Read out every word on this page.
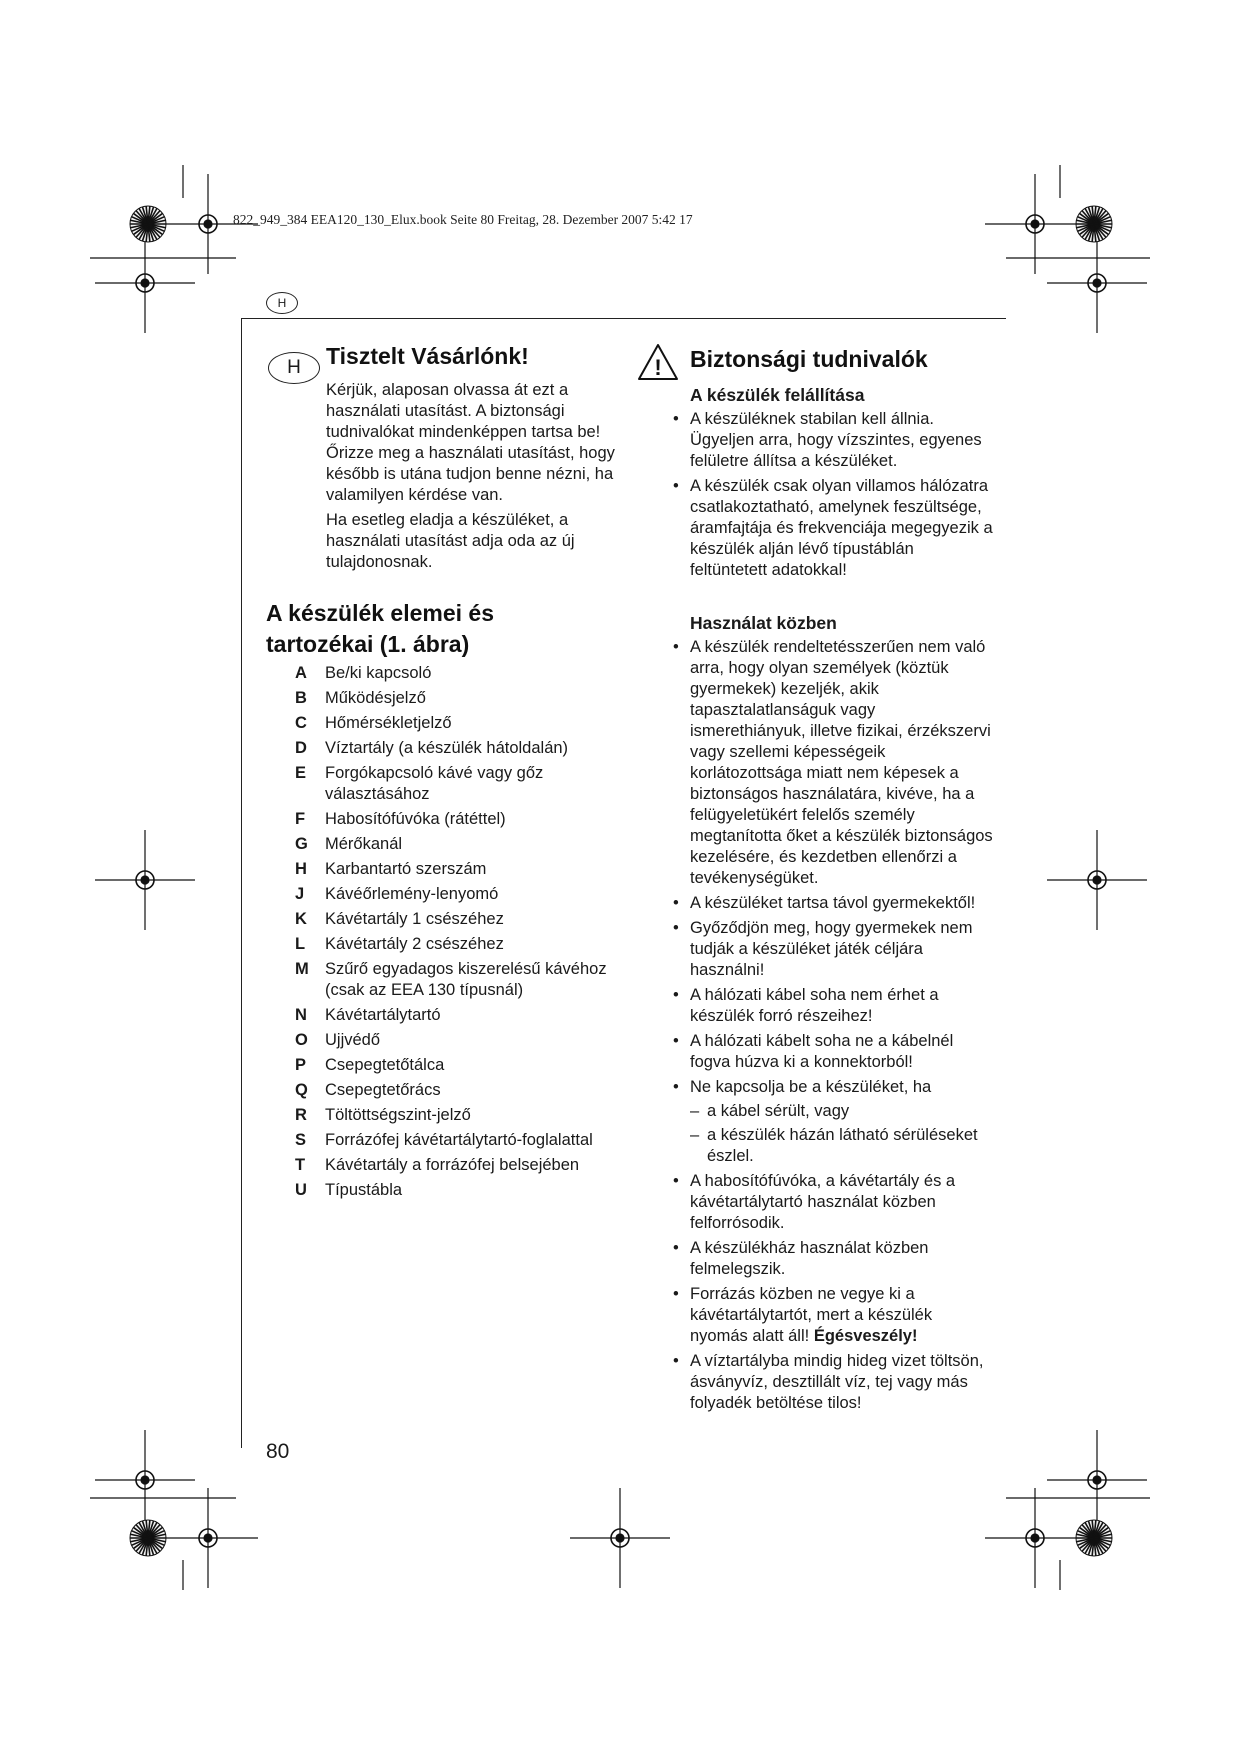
822_949_384 EEA120_130_Elux.book Seite 80 Freitag, 28. Dezember 2007 5:42 17
H
H	Tisztelt Vásárlónk!

Kérjük, alaposan olvassa át ezt a használati utasítást. A biztonsági tudnivalókat mindenképpen tartsa be! Őrizze meg a használati utasítást, hogy később is utána tudjon benne nézni, ha valamilyen kérdése van.

Ha esetleg eladja a készüléket, a használati utasítást adja oda az új tulajdonosnak.

A készülék elemei és tartozékai (1. ábra)
A	Be/ki kapcsoló
B	Működésjelző
C	Hőmérsékletjelző
D	Víztartály (a készülék hátoldalán)
E	Forgókapcsoló kávé vagy gőz választásához
F	Habosítófúvóka (rátéttel)
G	Mérőkanál
H	Karbantartó szerszám
J	Kávéőrlemény-lenyomó
K	Kávétartály 1 csészéhez
L	Kávétartály 2 csészéhez
M Szűrő egyadagos kiszerelésű kávéhoz (csak az EEA 130 típusnál)
N	Kávétartálytartó
O	Ujjvédő
P	Csepegtetőtálca
Q	Csepegtetőrács
R	Töltöttségszint-jelző
S	Forrázófej kávétartálytartó-foglalattal
T	Kávétartály a forrázófej belsejében
U	Típustábla
! Biztonsági tudnivalók
A készülék felállítása
• A készüléknek stabilan kell állnia. Ügyeljen arra, hogy vízszintes, egyenes felületre állítsa a készüléket.
• A készülék csak olyan villamos hálózatra csatlakoztatható, amelynek feszültsége, áramfajtája és frekvenciája megegyezik a készülék alján lévő típustáblán feltüntetett adatokkal!
Használat közben
• A készülék rendeltetésszerűen nem való arra, hogy olyan személyek (köztük gyermekek) kezeljék, akik tapasztalatlanságuk vagy ismerethiányuk, illetve fizikai, érzékszervi vagy szellemi képességeik korlátozottsága miatt nem képesek a biztonságos használatára, kivéve, ha a felügyeletükért felelős személy megtanította őket a készülék biztonságos kezelésére, és kezdetben ellenőrzi a tevékenységüket.
• A készüléket tartsa távol gyermekektől!
• Győződjön meg, hogy gyermekek nem tudják a készüléket játék céljára használni!
• A hálózati kábel soha nem érhet a készülék forró részeihez!
• A hálózati kábelt soha ne a kábelnél fogva húzva ki a konnektorból!
• Ne kapcsolja be a készüléket, ha
– a kábel sérült, vagy
– a készülék házán látható sérüléseket észlel.
• A habosítófúvóka, a kávétartály és a kávétartálytartó használat közben felforrósodik.
• A készülékház használat közben felmelegszik.
• Forrázás közben ne vegye ki a kávétartálytartót, mert a készülék nyomás alatt áll! Égésveszély!
• A víztartályba mindig hideg vizet töltsön, ásványvíz, desztillált víz, tej vagy más folyadék betöltése tilos!
80
